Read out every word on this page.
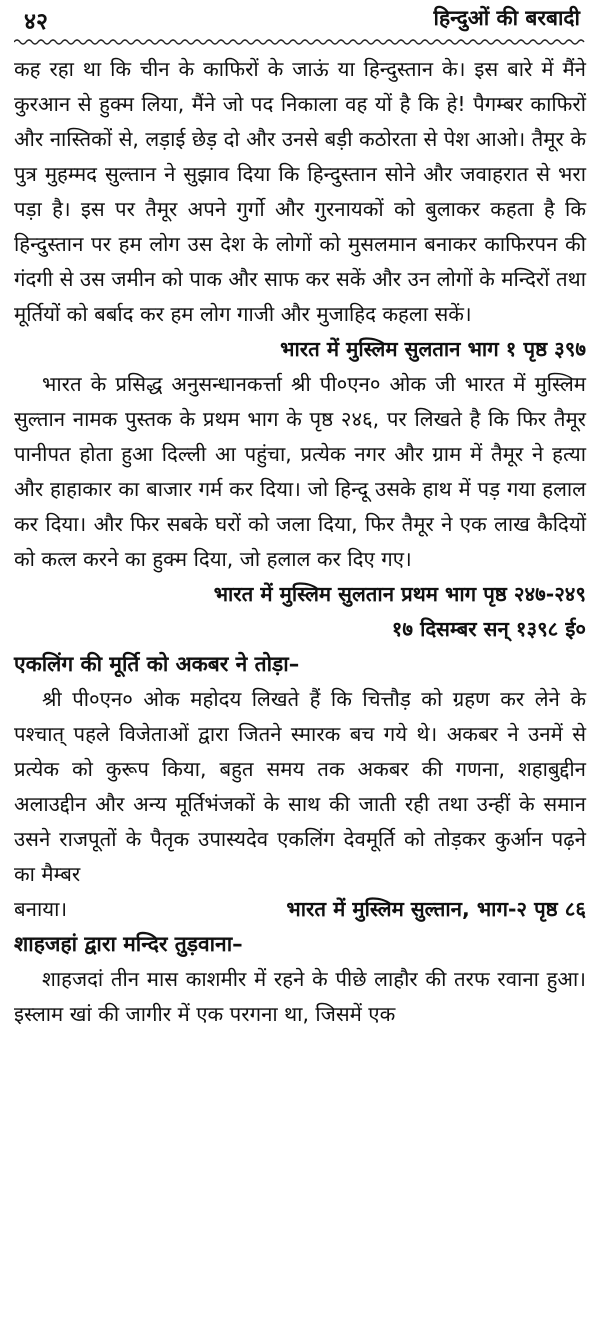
४२	हिन्दुओं की बरबादी

कह रहा था कि चीन के काफिरों के जाऊं या हिन्दुस्तान के। इस बारे में मैंने कुरआन से हुक्म लिया, मैंने जो पद निकाला वह यों है कि हे! पैगम्बर काफिरों और नास्तिकों से, लड़ाई छेड़ दो और उनसे बड़ी कठोरता से पेश आओ। तैमूर के पुत्र मुहम्मद सुल्तान ने सुझाव दिया कि हिन्दुस्तान सोने और जवाहरात से भरा पड़ा है। इस पर तैमूर अपने गुर्गो और गुरनायकों को बुलाकर कहता है कि हिन्दुस्तान पर हम लोग उस देश के लोगों को मुसलमान बनाकर काफिरपन की गंदगी से उस जमीन को पाक और साफ कर सकें और उन लोगों के मन्दिरों तथा मूर्तियों को बर्बाद कर हम लोग गाजी और मुजाहिद कहला सकें।

भारत में मुस्लिम सुलतान भाग १ पृष्ठ ३९७

भारत के प्रसिद्ध अनुसन्धानकर्त्ता श्री पी०एन० ओक जी भारत में मुस्लिम सुल्तान नामक पुस्तक के प्रथम भाग के पृष्ठ २४६, पर लिखते है कि फिर तैमूर पानीपत होता हुआ दिल्ली आ पहुंचा, प्रत्येक नगर और ग्राम में तैमूर ने हत्या और हाहाकार का बाजार गर्म कर दिया। जो हिन्दू उसके हाथ में पड़ गया हलाल कर दिया। और फिर सबके घरों को जला दिया, फिर तैमूर ने एक लाख कैदियों को कत्ल करने का हुक्म दिया, जो हलाल कर दिए गए।

भारत में मुस्लिम सुलतान प्रथम भाग पृष्ठ २४७-२४९

१७ दिसम्बर सन् १३९८ ई०

एकलिंग की मूर्ति को अकबर ने तोड़ा–

श्री पी०एन० ओक महोदय लिखते हैं कि चित्तौड़ को ग्रहण कर लेने के पश्चात् पहले विजेताओं द्वारा जितने स्मारक बच गये थे। अकबर ने उनमें से प्रत्येक को कुरूप किया, बहुत समय तक अकबर की गणना, शहाबुद्दीन अलाउद्दीन और अन्य मूर्तिभंजकों के साथ की जाती रही तथा उन्हीं के समान उसने राजपूतों के पैतृक उपास्यदेव एकलिंग देवमूर्ति को तोड़कर कुर्आन पढ़ने का मैम्बर

बनाया।	भारत में मुस्लिम सुल्तान, भाग-२ पृष्ठ ८६

शाहजहां द्वारा मन्दिर तुड़वाना–

शाहजदां तीन मास काशमीर में रहने के पीछे लाहौर की तरफ रवाना हुआ। इस्लाम खां की जागीर में एक परगना था, जिसमें एक
